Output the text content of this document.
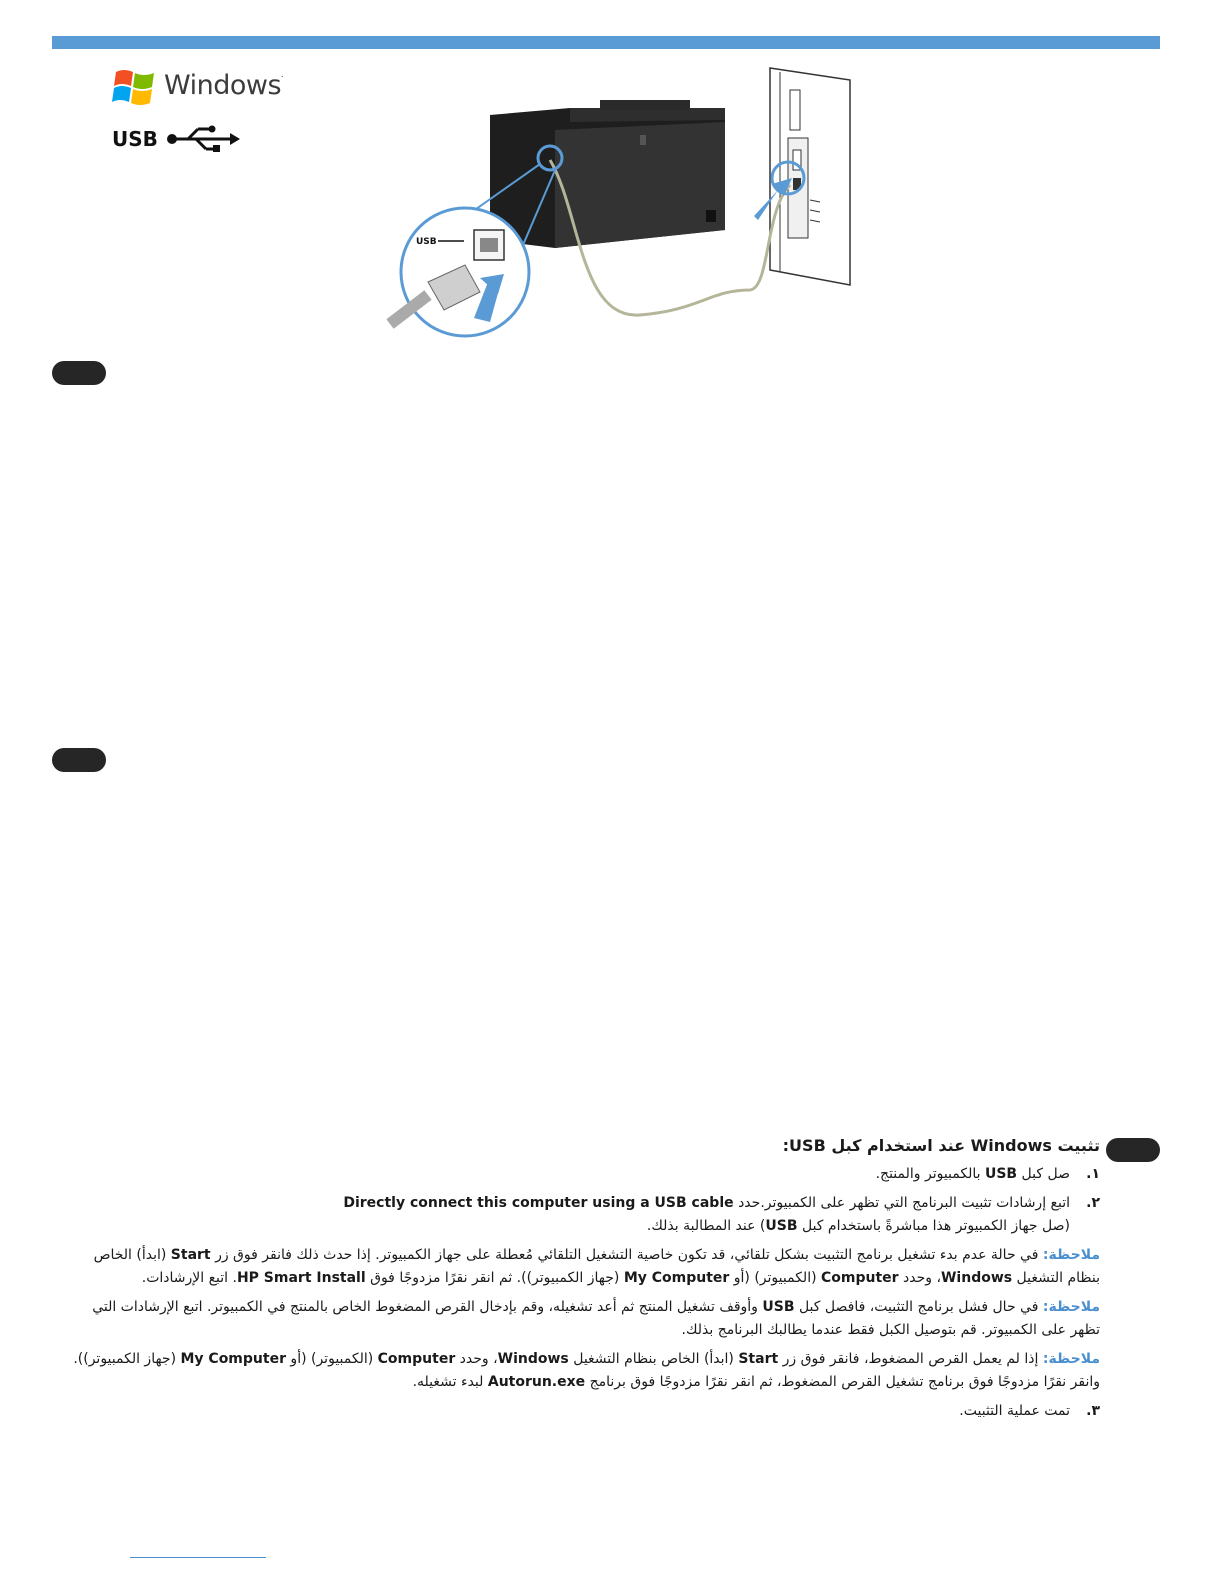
Windows.
USB
USB
تثبيت Windows عند استخدام كبل USB:
١.
صل كبل USB بالكمبيوتر والمنتج.
٢.
اتبع إرشادات تثبيت البرنامج التي تظهر على الكمبيوتر.حدد Directly connect this computer using a USB cable
(صل جهاز الكمبيوتر هذا مباشرةً باستخدام كبل USB) عند المطالبة بذلك.
ملاحظة: في حالة عدم بدء تشغيل برنامج التثبيت بشكل تلقائي، قد تكون خاصية التشغيل التلقائي مُعطلة على جهاز الكمبيوتر. إذا حدث ذلك فانقر فوق زر Start (ابدأ) الخاص بنظام التشغيل Windows، وحدد Computer (الكمبيوتر) (أو My Computer (جهاز الكمبيوتر)). ثم انقر نقرًا مزدوجًا فوق HP Smart Install. اتبع الإرشادات.
ملاحظة: في حال فشل برنامج التثبيت، فافصل كبل USB وأوقف تشغيل المنتج ثم أعد تشغيله، وقم بإدخال القرص المضغوط الخاص بالمنتج في الكمبيوتر. اتبع الإرشادات التي تظهر على الكمبيوتر. قم بتوصيل الكبل فقط عندما يطالبك البرنامج بذلك.
ملاحظة: إذا لم يعمل القرص المضغوط، فانقر فوق زر Start (ابدأ) الخاص بنظام التشغيل Windows، وحدد Computer (الكمبيوتر) (أو My Computer (جهاز الكمبيوتر)). وانقر نقرًا مزدوجًا فوق برنامج تشغيل القرص المضغوط، ثم انقر نقرًا مزدوجًا فوق برنامج Autorun.exe لبدء تشغيله.
٣.
تمت عملية التثبيت.
